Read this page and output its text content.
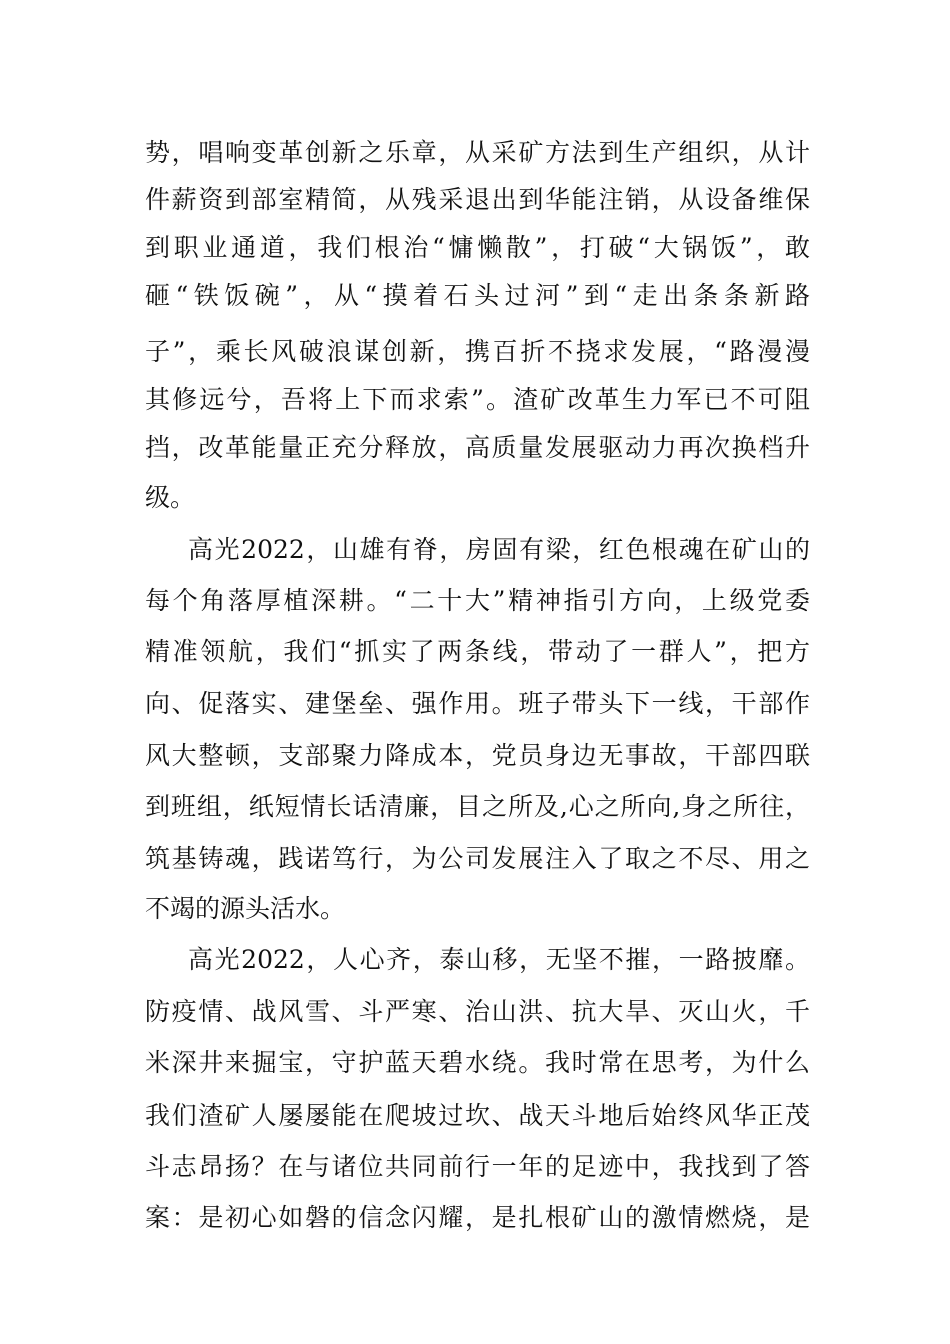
势，唱响变革创新之乐章，从采矿方法到生产组织，从计
件薪资到部室精简，从残采退出到华能注销，从设备维保
到职业通道，我们根治“慵懒散”，打破“大锅饭”，敢
砸“铁饭碗”，从“摸着石头过河”到“走出条条新路
子”，乘长风破浪谋创新，携百折不挠求发展，“路漫漫
其修远兮，吾将上下而求索”。渣矿改革生力军已不可阻
挡，改革能量正充分释放，高质量发展驱动力再次换档升
级。
高光2022，山雄有脊，房固有梁，红色根魂在矿山的
每个角落厚植深耕。“二十大”精神指引方向，上级党委
精准领航，我们“抓实了两条线，带动了一群人”，把方
向、促落实、建堡垒、强作用。班子带头下一线，干部作
风大整顿，支部聚力降成本，党员身边无事故，干部四联
到班组，纸短情长话清廉，目之所及,心之所向,身之所往，
筑基铸魂，践诺笃行，为公司发展注入了取之不尽、用之
不竭的源头活水。
高光2022，人心齐，泰山移，无坚不摧，一路披靡。
防疫情、战风雪、斗严寒、治山洪、抗大旱、灭山火，千
米深井来掘宝，守护蓝天碧水绕。我时常在思考，为什么
我们渣矿人屡屡能在爬坡过坎、战天斗地后始终风华正茂
斗志昂扬？在与诸位共同前行一年的足迹中，我找到了答
案：是初心如磐的信念闪耀，是扎根矿山的激情燃烧，是
